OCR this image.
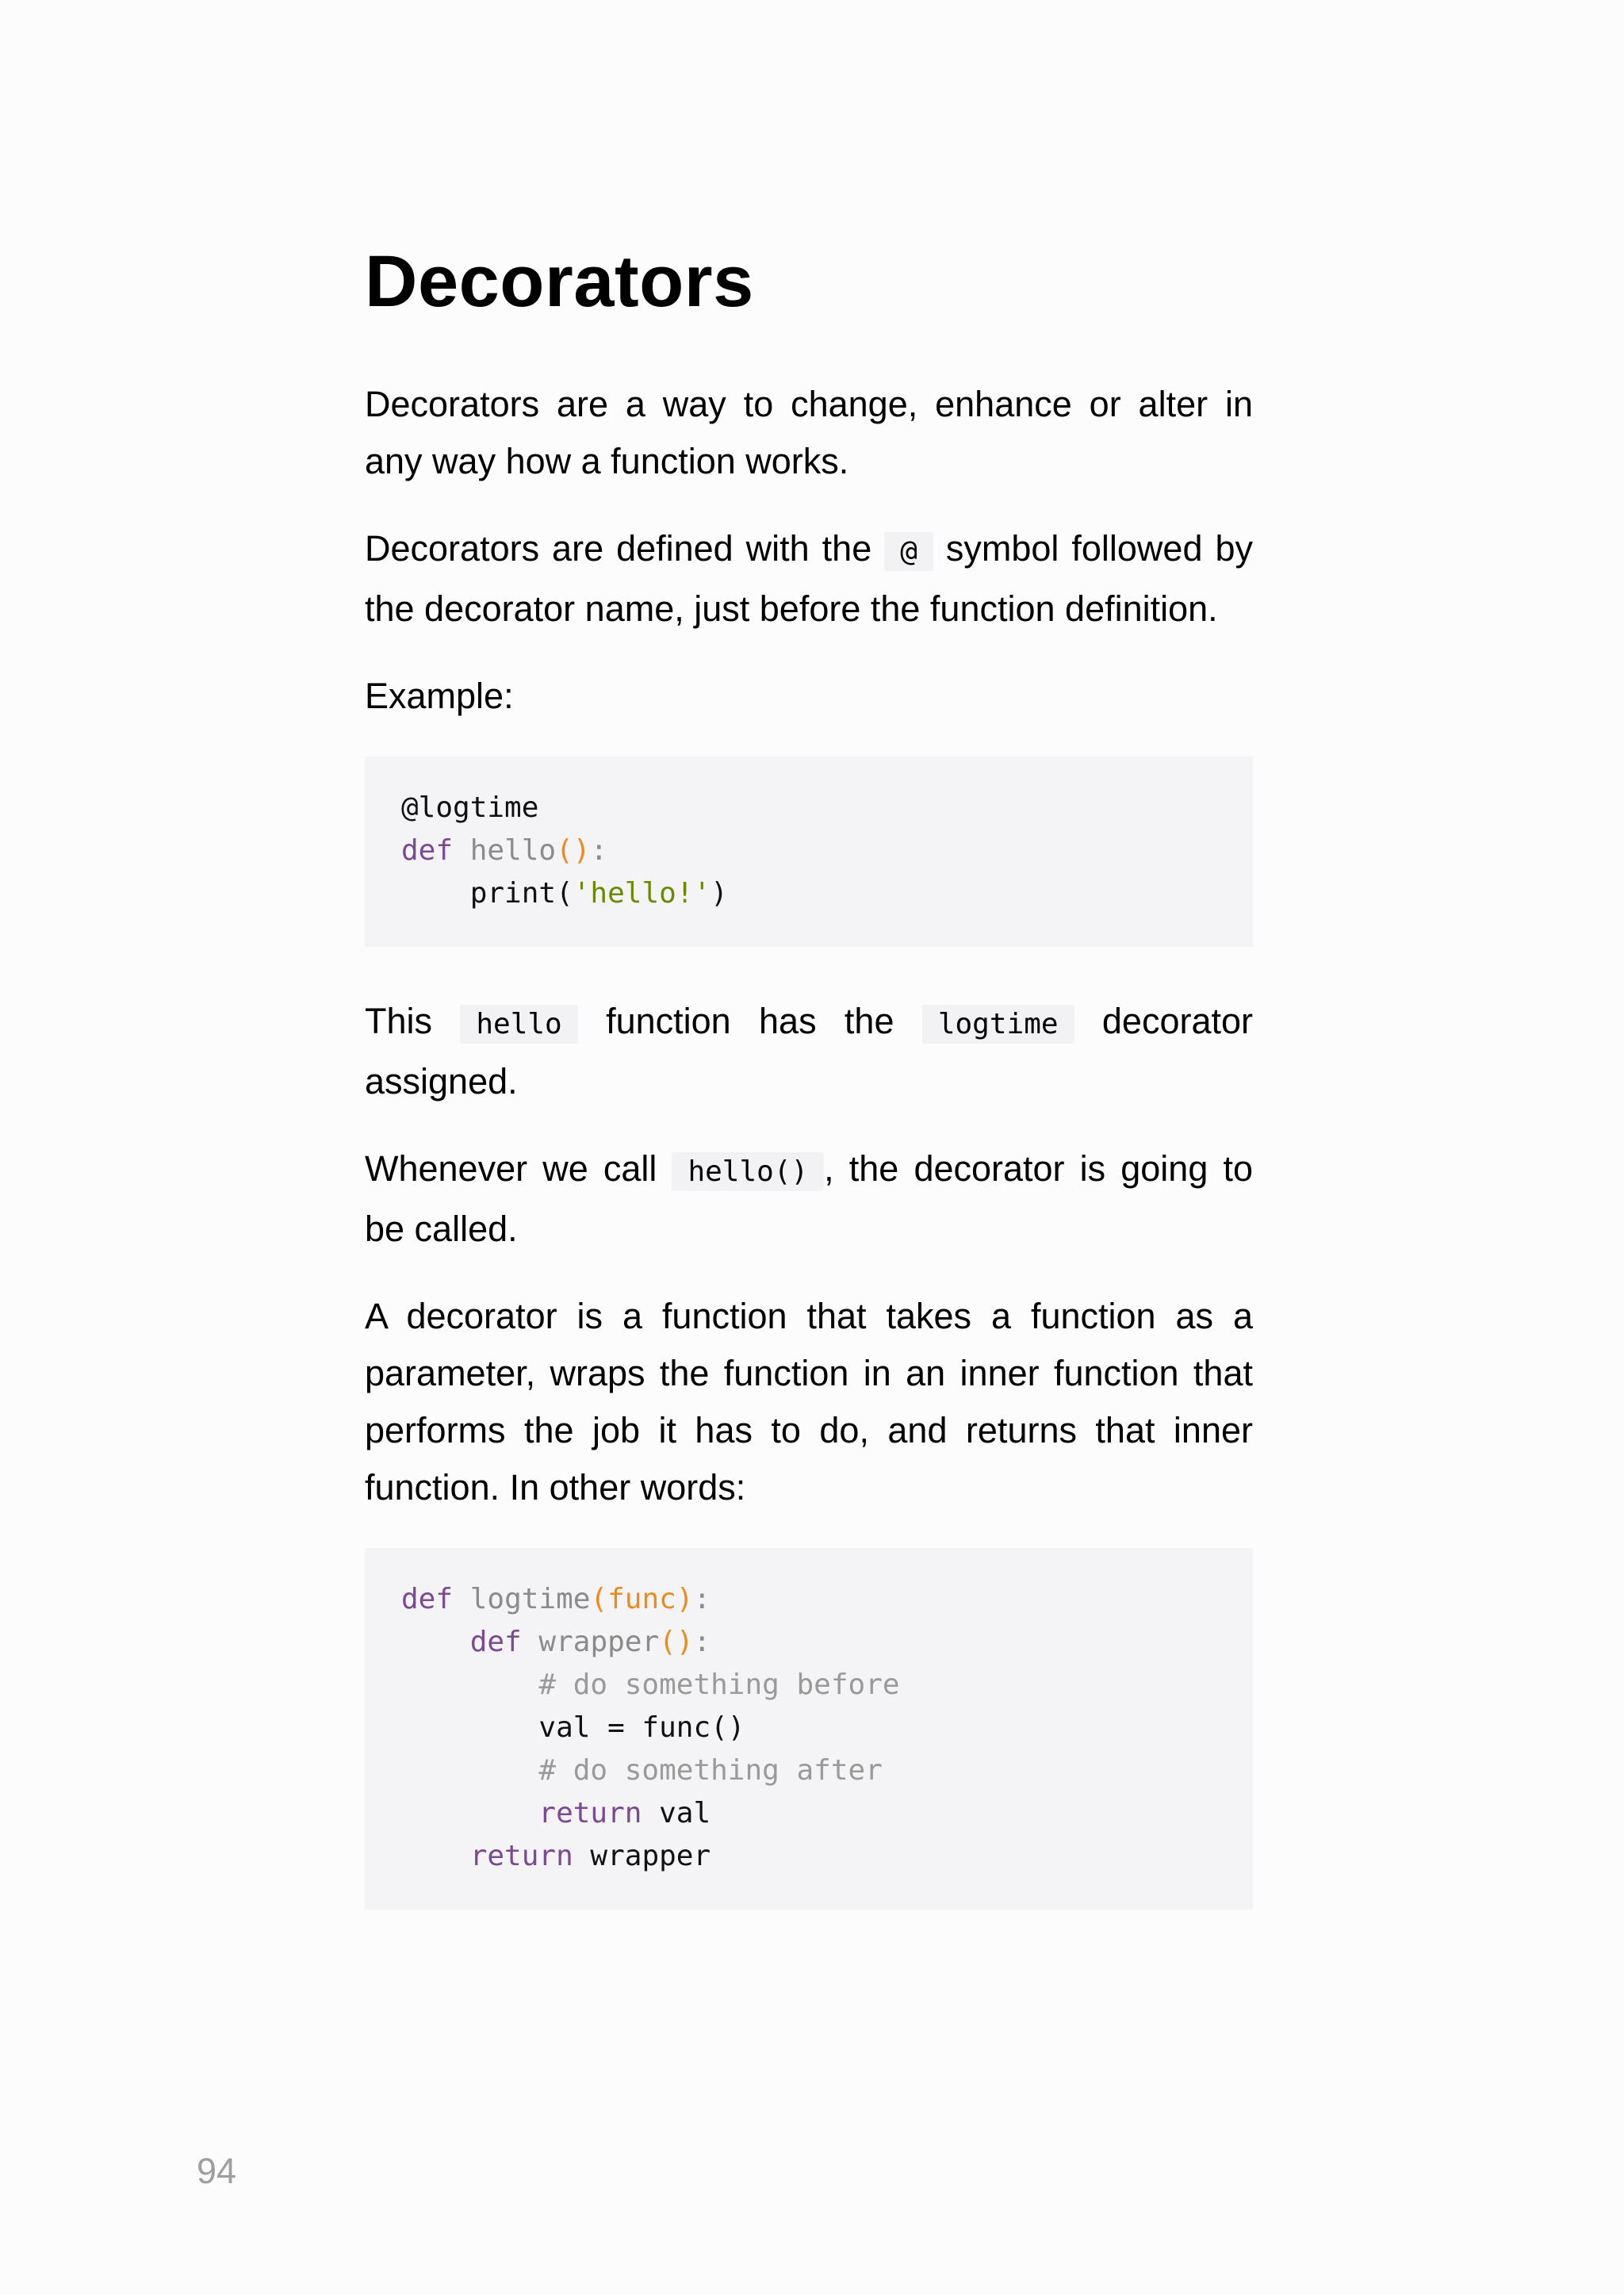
Decorators

Decorators are a way to change, enhance or alter in any way how a function works.

Decorators are defined with the @ symbol followed by the decorator name, just before the function definition.

Example:

@logtime
def hello():
print('hello!')

This hello function has the logtime decorator assigned.

Whenever we call hello() , the decorator is going to be called.

A decorator is a function that takes a function as a parameter, wraps the function in an inner function that performs the job it has to do, and returns that inner function. In other words:

def logtime(func):
def wrapper():
# do something before
val = func()
# do something after
return val
return wrapper
94
